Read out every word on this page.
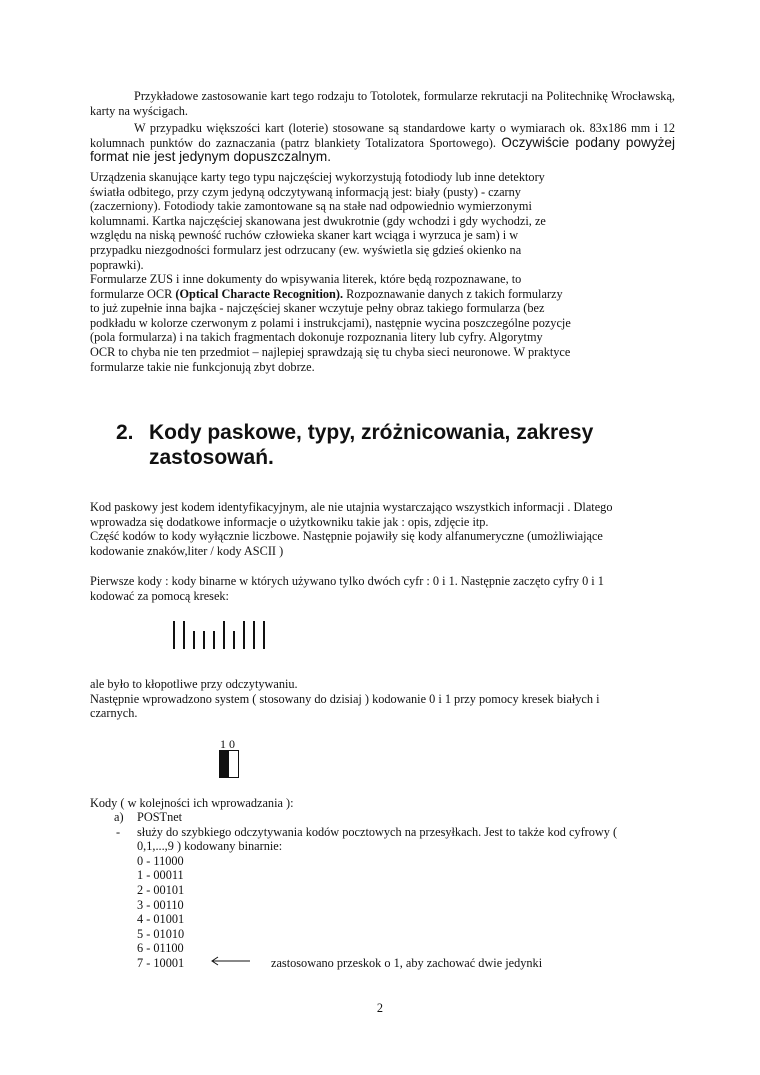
Przykładowe zastosowanie kart tego rodzaju to Totolotek, formularze rekrutacji na Politechnikę Wrocławską, karty na wyścigach.

W przypadku większości kart (loterie) stosowane są standardowe karty o wymiarach ok. 83x186 mm i 12 kolumnach punktów do zaznaczania (patrz blankiety Totalizatora Sportowego). Oczywiście podany powyżej format nie jest jedynym dopuszczalnym.

Urządzenia skanujące karty tego typu najczęściej wykorzystują fotodiody lub inne detektory
światła odbitego, przy czym jedyną odczytywaną informacją jest: biały (pusty) - czarny
(zaczerniony). Fotodiody takie zamontowane są na stałe nad odpowiednio wymierzonymi
kolumnami. Kartka najczęściej skanowana jest dwukrotnie (gdy wchodzi i gdy wychodzi, ze
względu na niską pewność ruchów człowieka skaner kart wciąga i wyrzuca je sam) i w
przypadku niezgodności formularz jest odrzucany (ew. wyświetla się gdzieś okienko na
poprawki).
Formularze ZUS i inne dokumenty do wpisywania literek, które będą rozpoznawane, to
formularze OCR (Optical Characte Recognition). Rozpoznawanie danych z takich formularzy
to już zupełnie inna bajka - najczęściej skaner wczytuje pełny obraz takiego formularza (bez
podkładu w kolorze czerwonym z polami i instrukcjami), następnie wycina poszczególne pozycje
(pola formularza) i na takich fragmentach dokonuje rozpoznania litery lub cyfry. Algorytmy
OCR to chyba nie ten przedmiot – najlepiej sprawdzają się tu chyba sieci neuronowe. W praktyce
formularze takie nie funkcjonują zbyt dobrze.
2. Kody paskowe, typy, zróżnicowania, zakresy
zastosowań.
Kod paskowy jest kodem identyfikacyjnym, ale nie utajnia wystarczająco wszystkich informacji . Dlatego
wprowadza się dodatkowe informacje o użytkowniku takie jak : opis, zdjęcie itp.
Część kodów to kody wyłącznie liczbowe. Następnie pojawiły się kody alfanumeryczne (umożliwiające
kodowanie znaków,liter / kody ASCII )
Pierwsze kody : kody binarne w których używano tylko dwóch cyfr : 0 i 1. Następnie zaczęto cyfry 0 i 1
kodować za pomocą kresek:
ale było to kłopotliwe przy odczytywaniu.
Następnie wprowadzono system ( stosowany do dzisiaj ) kodowanie 0 i 1 przy pomocy kresek białych i
czarnych.
1 0
Kody ( w kolejności ich wprowadzania ):
a) POSTnet
- służy do szybkiego odczytywania kodów pocztowych na przesyłkach. Jest to także kod cyfrowy (
0,1,...,9 ) kodowany binarnie:
0 - 11000
1 - 00011
2 - 00101
3 - 00110
4 - 01001
5 - 01010
6 - 01100
7 - 10001	zastosowano przeskok o 1, aby zachować dwie jedynki
2
